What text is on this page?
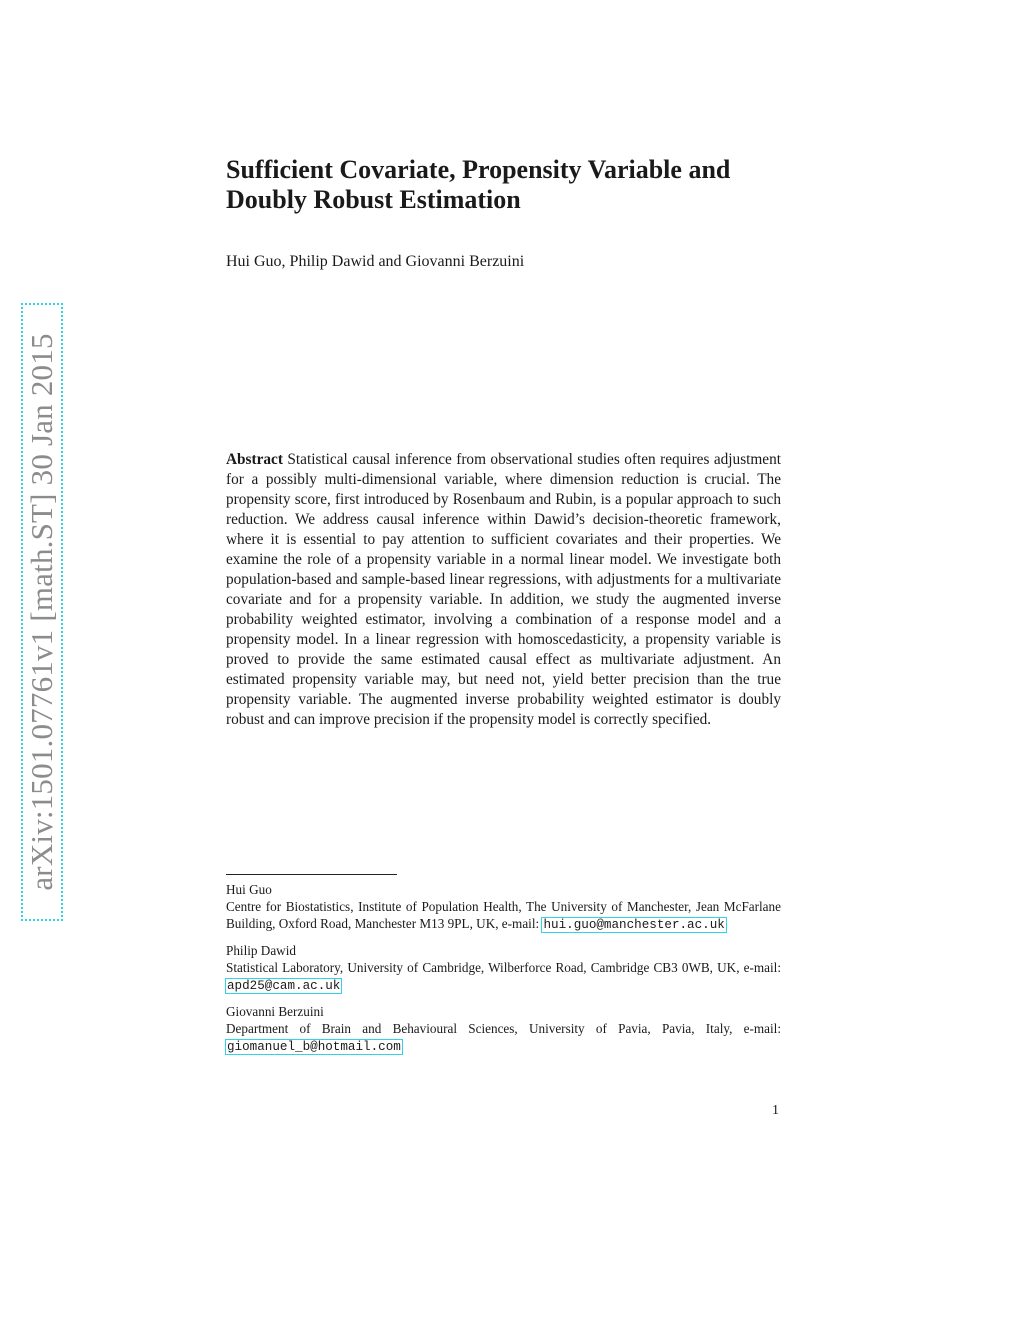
arXiv:1501.07761v1 [math.ST] 30 Jan 2015
Sufficient Covariate, Propensity Variable and Doubly Robust Estimation
Hui Guo, Philip Dawid and Giovanni Berzuini

Abstract Statistical causal inference from observational studies often requires adjustment for a possibly multi-dimensional variable, where dimension reduction is crucial. The propensity score, first introduced by Rosenbaum and Rubin, is a popular approach to such reduction. We address causal inference within Dawid’s decision-theoretic framework, where it is essential to pay attention to sufficient covariates and their properties. We examine the role of a propensity variable in a normal linear model. We investigate both population-based and sample-based linear regressions, with adjustments for a multivariate covariate and for a propensity variable. In addition, we study the augmented inverse probability weighted estimator, involving a combination of a response model and a propensity model. In a linear regression with homoscedasticity, a propensity variable is proved to provide the same estimated causal effect as multivariate adjustment. An estimated propensity variable may, but need not, yield better precision than the true propensity variable. The augmented inverse probability weighted estimator is doubly robust and can improve precision if the propensity model is correctly specified.

Hui Guo
Centre for Biostatistics, Institute of Population Health, The University of Manchester, Jean McFarlane Building, Oxford Road, Manchester M13 9PL, UK, e-mail: hui.guo@manchester.ac.uk
Philip Dawid
Statistical Laboratory, University of Cambridge, Wilberforce Road, Cambridge CB3 0WB, UK, e-mail: apd25@cam.ac.uk
Giovanni Berzuini
Department of Brain and Behavioural Sciences, University of Pavia, Pavia, Italy, e-mail: giomanuel_b@hotmail.com
1
